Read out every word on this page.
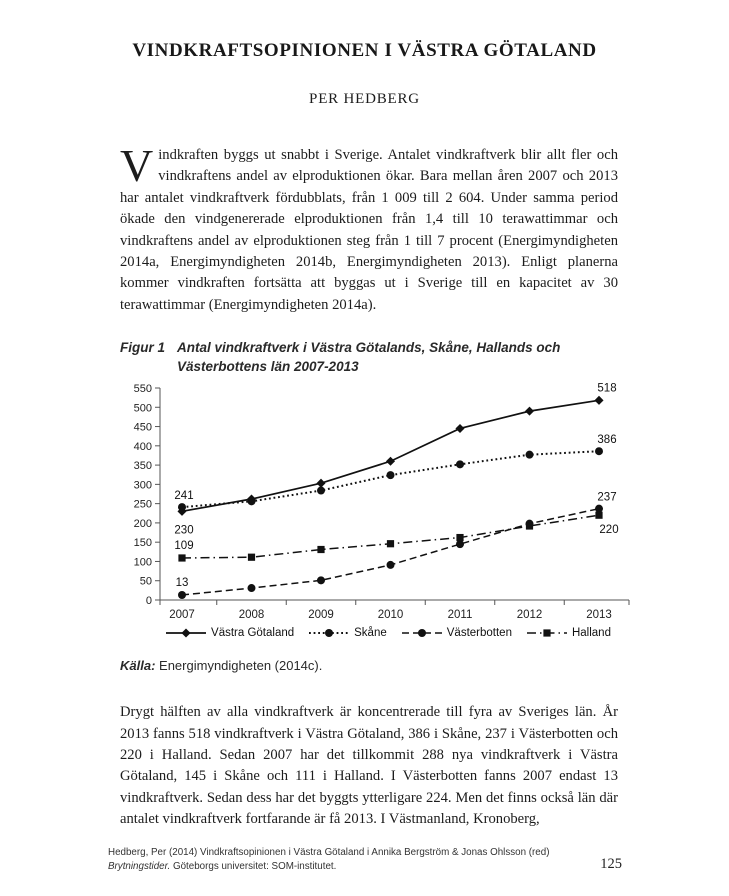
VINDKRAFTSOPINIONEN I VÄSTRA GÖTALAND
PER HEDBERG

Vindkraften byggs ut snabbt i Sverige. Antalet vindkraftverk blir allt fler och vindkraftens andel av elproduktionen ökar. Bara mellan åren 2007 och 2013 har antalet vindkraftverk fördubblats, från 1 009 till 2 604. Under samma period ökade den vindgenererade elproduktionen från 1,4 till 10 terawattimmar och vindkraftens andel av elproduktionen steg från 1 till 7 procent (Energimyndigheten 2014a, Energimyndigheten 2014b, Energimyndigheten 2013). Enligt planerna kommer vindkraften fortsätta att byggas ut i Sverige till en kapacitet av 30 terawattimmar (Energimyndigheten 2014a).

Figur 1 Antal vindkraftverk i Västra Götalands, Skåne, Hallands och Västerbottens län 2007-2013
0
50
100
150
200
250
300
350
400
450
500
550
2007	2008	2009	2010	2011	2012	2013
241
230
109
13
518
386
237
220
Västra Götaland	Skåne	Västerbotten	Halland
Källa: Energimyndigheten (2014c).

Drygt hälften av alla vindkraftverk är koncentrerade till fyra av Sveriges län. År 2013 fanns 518 vindkraftverk i Västra Götaland, 386 i Skåne, 237 i Västerbotten och 220 i Halland. Sedan 2007 har det tillkommit 288 nya vindkraftverk i Västra Götaland, 145 i Skåne och 111 i Halland. I Västerbotten fanns 2007 endast 13 vindkraftverk. Sedan dess har det byggts ytterligare 224. Men det finns också län där antalet vindkraftverk fortfarande är få 2013. I Västmanland, Kronoberg,

Hedberg, Per (2014) Vindkraftsopinionen i Västra Götaland i Annika Bergström & Jonas Ohlsson (red)
Brytningstider. Göteborgs universitet: SOM-institutet.	125
